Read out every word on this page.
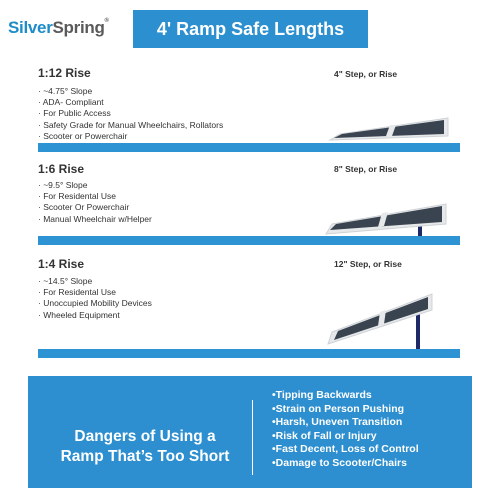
SilverSpring®	4' Ramp Safe Lengths
1:12 Rise	4" Step, or Rise
· ~4.75° Slope
· ADA- Compliant
· For Public Access
· Safety Grade for Manual Wheelchairs, Rollators
· Scooter or Powerchair
1:6 Rise	8" Step, or Rise
· ~9.5° Slope
· For Residental Use
· Scooter Or Powerchair
· Manual Wheelchair w/Helper
1:4 Rise	12" Step, or Rise
· ~14.5° Slope
· For Residental Use
· Unoccupied Mobility Devices
· Wheeled Equipment
Dangers of Using a
Ramp That’s Too Short
•Tipping Backwards
•Strain on Person Pushing
•Harsh, Uneven Transition
•Risk of Fall or Injury
•Fast Decent, Loss of Control
•Damage to Scooter/Chairs
